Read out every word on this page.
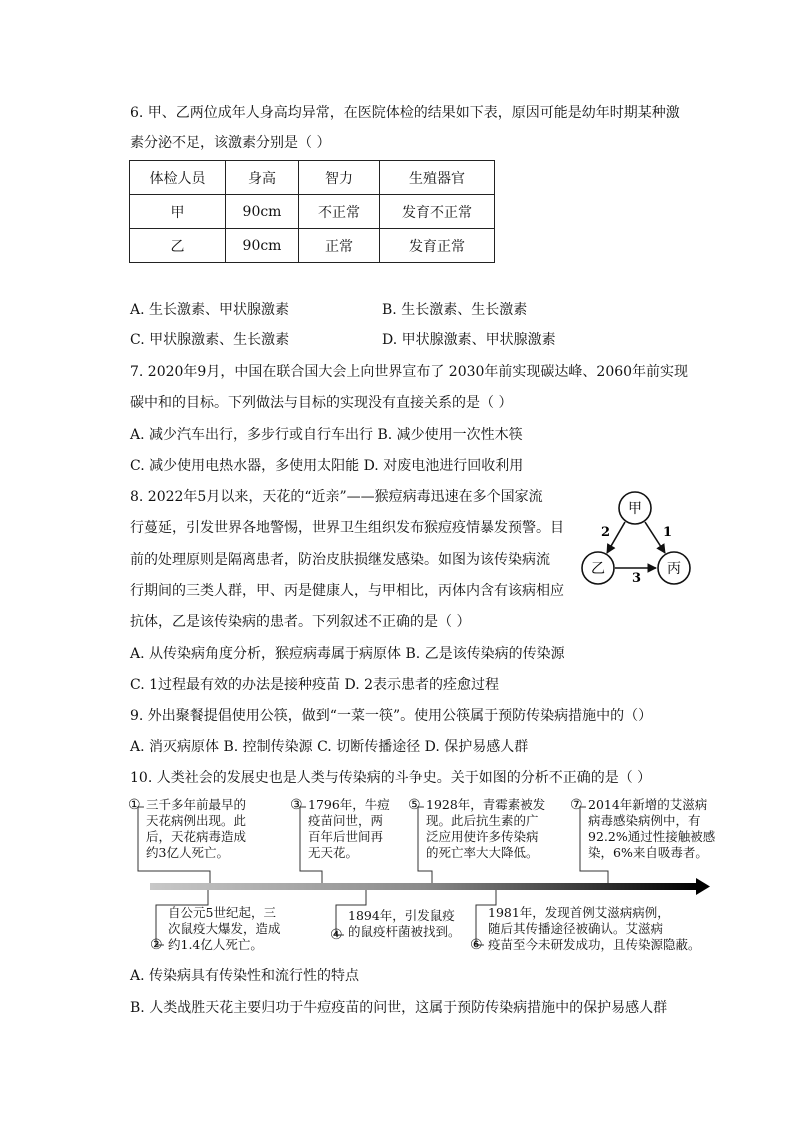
6. 甲、乙两位成年人身高均异常，在医院体检的结果如下表，原因可能是幼年时期某种激
素分泌不足，该激素分别是（ ）
体检人员	身高	智力	生殖器官
甲	90cm	不正常	发育不正常
乙	90cm	正常	发育正常
A. 生长激素、甲状腺激素	B. 生长激素、生长激素
C. 甲状腺激素、生长激素	D. 甲状腺激素、甲状腺激素
7. 2020年9月，中国在联合国大会上向世界宣布了 2030年前实现碳达峰、2060年前实现
碳中和的目标。下列做法与目标的实现没有直接关系的是（ ）
A. 减少汽车出行，多步行或自行车出行 B. 减少使用一次性木筷
C. 减少使用电热水器，多使用太阳能 D. 对废电池进行回收利用
8. 2022年5月以来，天花的“近亲”——猴痘病毒迅速在多个国家流
行蔓延，引发世界各地警惕，世界卫生组织发布猴痘疫情暴发预警。目
前的处理原则是隔离患者，防治皮肤损继发感染。如图为该传染病流
行期间的三类人群，甲、丙是健康人，与甲相比，丙体内含有该病相应
抗体，乙是该传染病的患者。下列叙述不正确的是（ ）
甲
乙	丙
1
2
3
A. 从传染病角度分析，猴痘病毒属于病原体 B. 乙是该传染病的传染源
C. 1过程最有效的办法是接种疫苗 D. 2表示患者的痊愈过程
9. 外出聚餐提倡使用公筷，做到“一菜一筷”。使用公筷属于预防传染病措施中的（）
A. 消灭病原体 B. 控制传染源 C. 切断传播途径 D. 保护易感人群
10. 人类社会的发展史也是人类与传染病的斗争史。关于如图的分析不正确的是（ ）
① 三千多年前最早的
天花病例出现。此
后，天花病毒造成
约3亿人死亡。
③ 1796年，牛痘
疫苗问世，两
百年后世间再
无天花。
⑤ 1928年，青霉素被发
现。此后抗生素的广
泛应用使许多传染病
的死亡率大大降低。
⑦ 2014年新增的艾滋病
病毒感染病例中，有
92.2%通过性接触被感
染，6%来自吸毒者。
②
自公元5世纪起，三
次鼠疫大爆发，造成
约1.4亿人死亡。
④
1894年，引发鼠疫
的鼠疫杆菌被找到。
⑥
1981年，发现首例艾滋病病例，
随后其传播途径被确认。艾滋病
疫苗至今未研发成功，且传染源隐蔽。
A. 传染病具有传染性和流行性的特点
B. 人类战胜天花主要归功于牛痘疫苗的问世，这属于预防传染病措施中的保护易感人群
